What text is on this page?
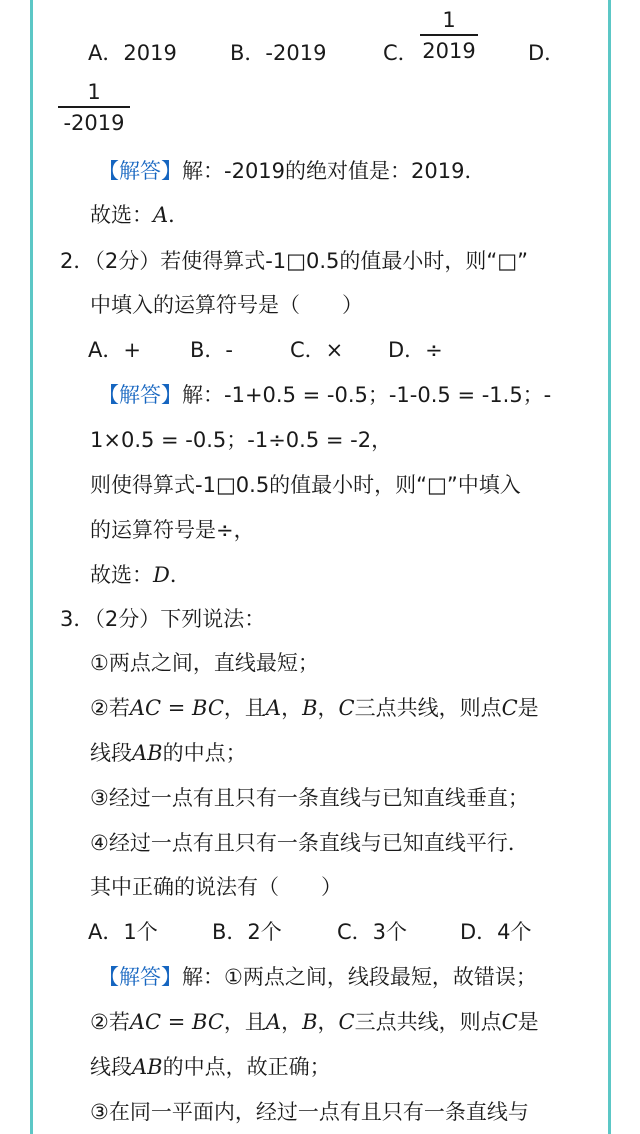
A．2019	B．-2019	C．
1
2019 D．
1
-2019
【解答】解：-2019的绝对值是：2019．
故选：A．
2．（2分）若使得算式-1□0.5的值最小时，则“□”
中填入的运算符号是（　　）
A．+ B．-	C．× D．÷
【解答】解：-1+0.5 = -0.5；-1-0.5 = -1.5；-
1×0.5 = -0.5；-1÷0.5 = -2，
则使得算式-1□0.5的值最小时，则“□”中填入
的运算符号是÷，
故选：D．
3．（2分）下列说法：
①两点之间，直线最短；
②若AC = BC，且A，B，C三点共线，则点C是
线段AB的中点；
③经过一点有且只有一条直线与已知直线垂直；
④经过一点有且只有一条直线与已知直线平行．
其中正确的说法有（　　）
A．1个	B．2个	C．3个	D．4个
【解答】解：①两点之间，线段最短，故错误；
②若AC = BC，且A，B，C三点共线，则点C是
线段AB的中点，故正确；
③在同一平面内，经过一点有且只有一条直线与
